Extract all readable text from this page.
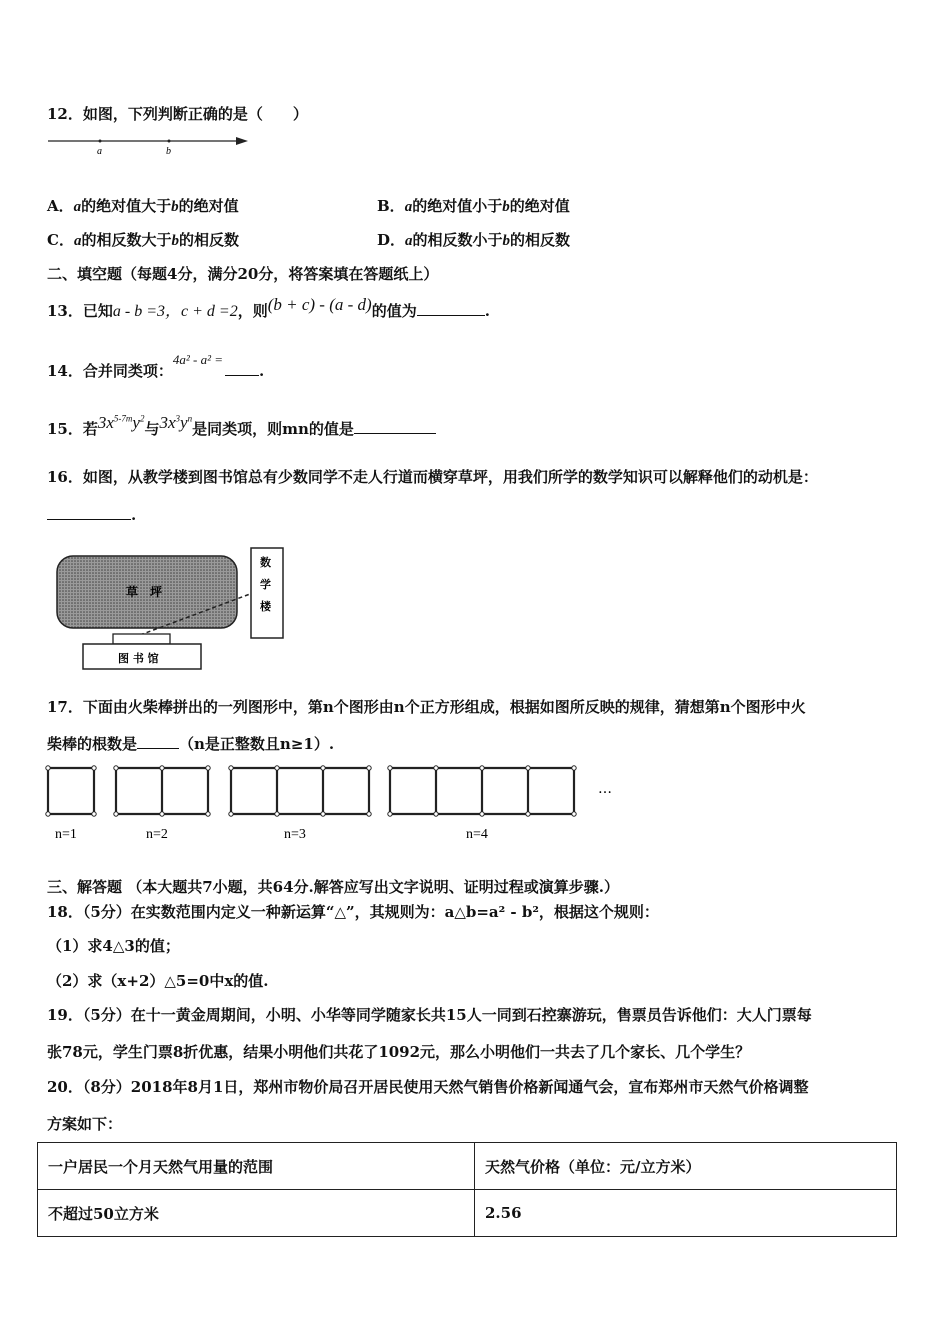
12．如图，下列判断正确的是（　　）
a	b
A．a的绝对值大于b的绝对值	B．a的绝对值小于b的绝对值
C．a的相反数大于b的相反数	D．a的相反数小于b的相反数
二、填空题（每题4分，满分20分，将答案填在答题纸上）
13．已知a - b =3，c + d =2，则(b + c) - (a - d)的值为	.
14．合并同类项：4a² - a² =.
15．若$3x^{5-7m}y^2$与$3x^3y^n$是同类项，则mn的值是
16．如图，从教学楼到图书馆总有少数同学不走人行道而横穿草坪，用我们所学的数学知识可以解释他们的动机是：
.
草　坪
数
学
楼
图 书 馆
17．下面由火柴棒拼出的一列图形中，第n个图形由n个正方形组成，根据如图所反映的规律，猜想第n个图形中火
柴棒的根数是	（n是正整数且n≥1）.
n=1	n=2	n=3	n=4
…
三、解答题 （本大题共7小题，共64分.解答应写出文字说明、证明过程或演算步骤.）
18．（5分）在实数范围内定义一种新运算“△”，其规则为：a△b=a² - b²，根据这个规则：
（1）求4△3的值；
（2）求（x+2）△5=0中x的值.
19．（5分）在十一黄金周期间，小明、小华等同学随家长共15人一同到石控寨游玩，售票员告诉他们：大人门票每
张78元，学生门票8折优惠，结果小明他们共花了1092元，那么小明他们一共去了几个家长、几个学生？
20．（8分）2018年8月1日，郑州市物价局召开居民使用天然气销售价格新闻通气会，宣布郑州市天然气价格调整
方案如下：
一户居民一个月天然气用量的范围	天然气价格（单位：元/立方米）
不超过50立方米	2.56
